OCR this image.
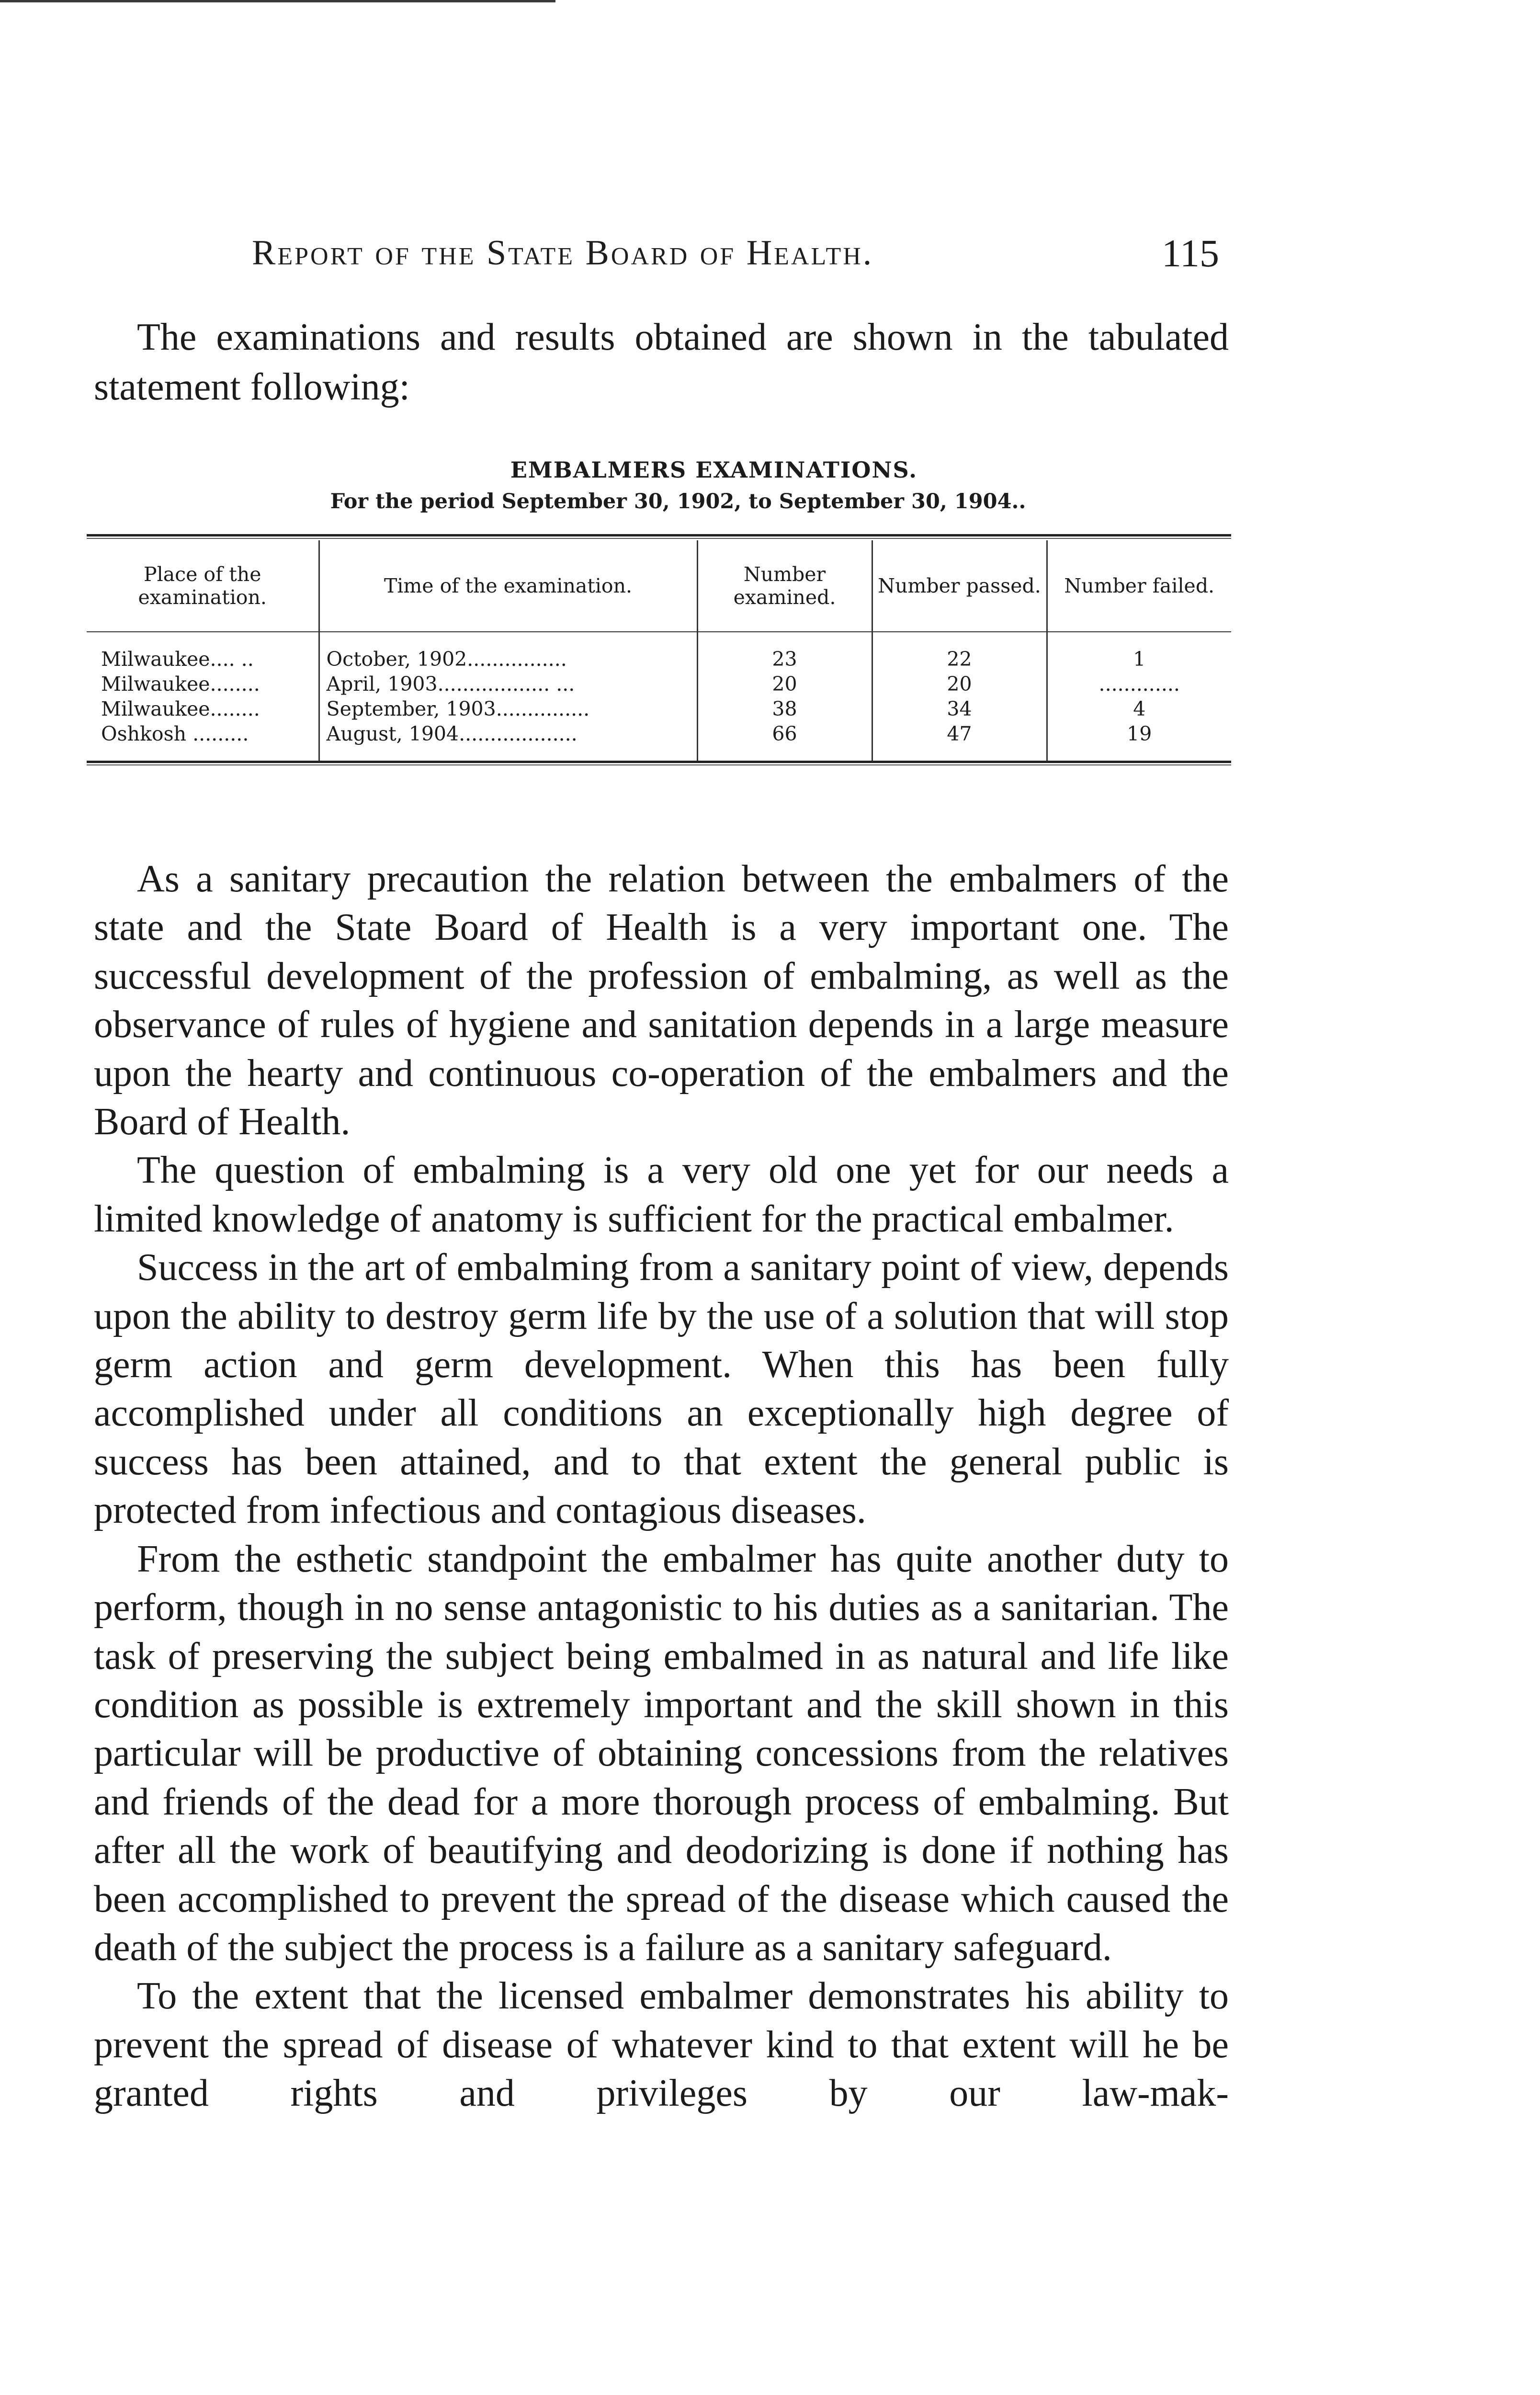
Report of the State Board of Health.	115

The examinations and results obtained are shown in the tabulated statement following:

EMBALMERS EXAMINATIONS.
For the period September 30, 1902, to September 30, 1904..
Place of the examination.	Time of the examination.	Number examined.	Number passed.	Number failed.

Milwaukee.... ..	October, 1902................	23	22	1
Milwaukee........	April, 1903.................. ...	20	20	.............
Milwaukee........	September, 1903...............	38	34	4
Oshkosh .........	August, 1904...................	66	47	19

As a sanitary precaution the relation between the embalmers of the state and the State Board of Health is a very important one. The successful development of the profession of embalming, as well as the observance of rules of hygiene and sanitation depends in a large measure upon the hearty and continuous co-operation of the embalmers and the Board of Health.

The question of embalming is a very old one yet for our needs a limited knowledge of anatomy is sufficient for the practical embalmer.

Success in the art of embalming from a sanitary point of view, depends upon the ability to destroy germ life by the use of a solution that will stop germ action and germ development. When this has been fully accomplished under all conditions an exceptionally high degree of success has been attained, and to that extent the general public is protected from infectious and contagious diseases.

From the esthetic standpoint the embalmer has quite another duty to perform, though in no sense antagonistic to his duties as a sanitarian. The task of preserving the subject being embalmed in as natural and life like condition as possible is extremely important and the skill shown in this particular will be productive of obtaining concessions from the relatives and friends of the dead for a more thorough process of embalming. But after all the work of beautifying and deodorizing is done if nothing has been accomplished to prevent the spread of the disease which caused the death of the subject the process is a failure as a sanitary safeguard.

To the extent that the licensed embalmer demonstrates his ability to prevent the spread of disease of whatever kind to that extent will he be granted rights and privileges by our law-mak-
